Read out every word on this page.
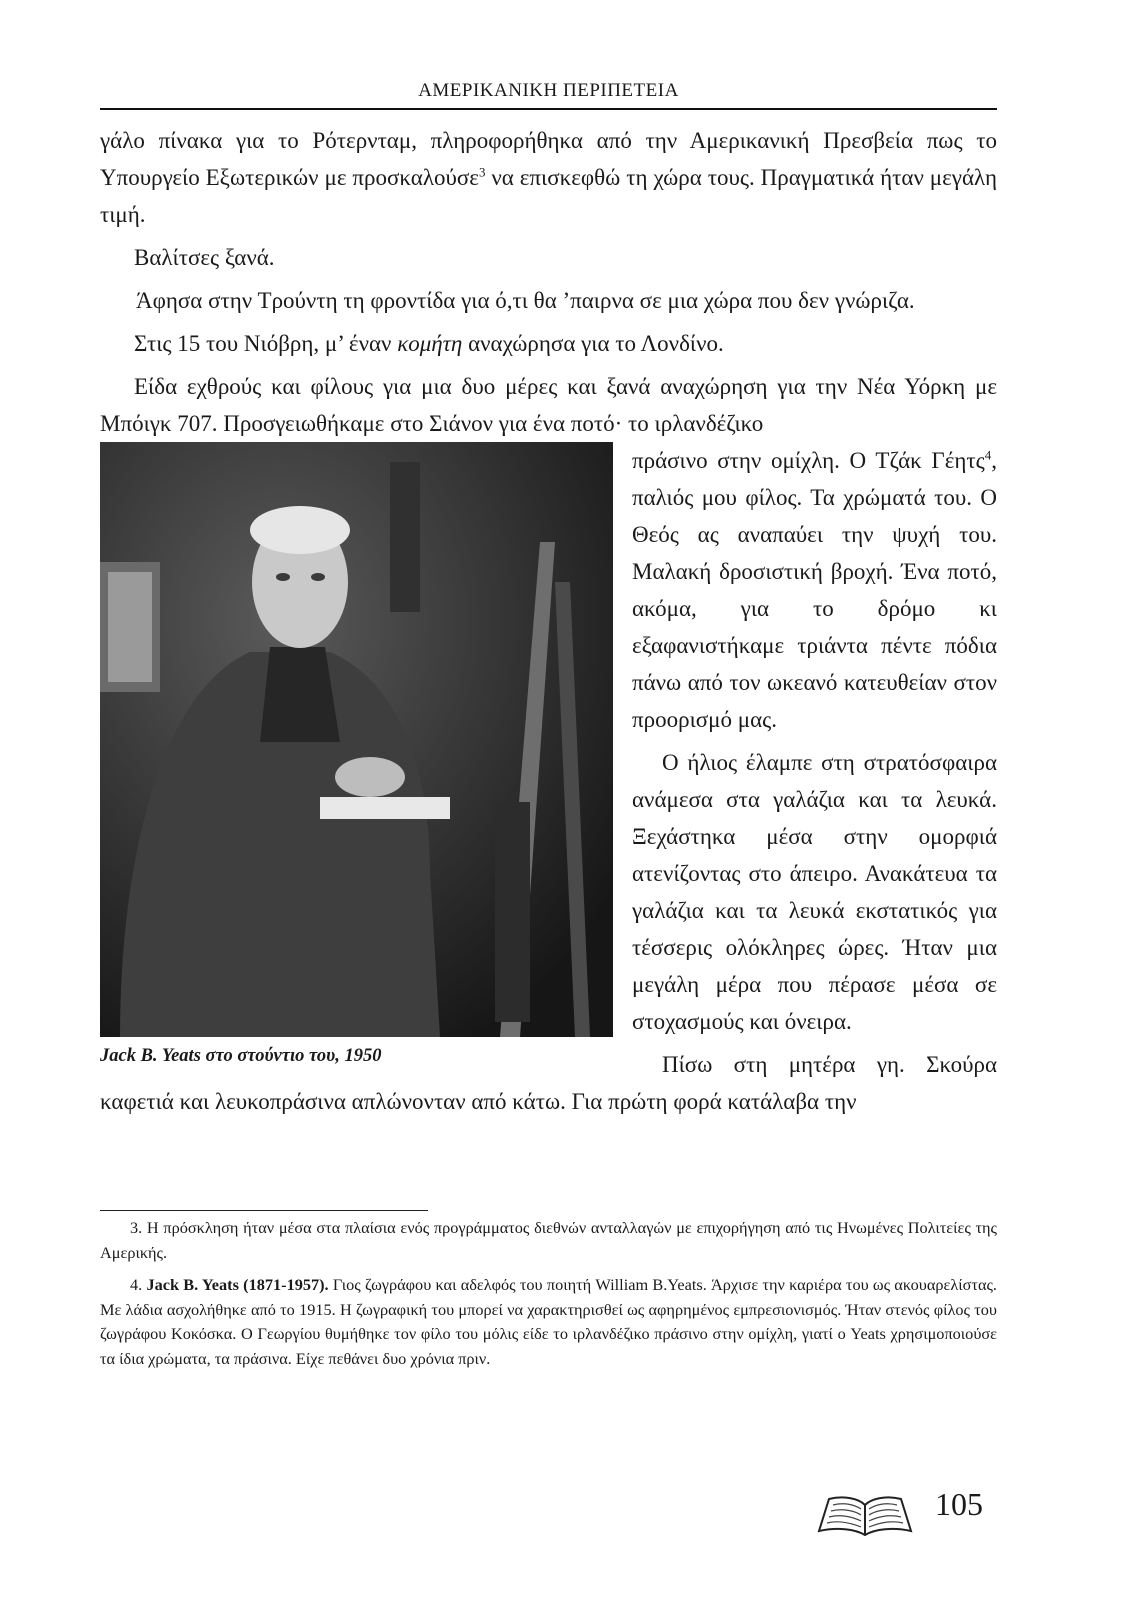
ΑΜΕΡΙΚΑΝΙΚΗ ΠΕΡΙΠΕΤΕΙΑ

γάλο πίνακα για το Ρότερνταμ, πληροφορήθηκα από την Αμερικανική Πρεσβεία πως το Υπουργείο Εξωτερικών με προσκαλούσε$^3$ να επισκεφθώ τη χώρα τους. Πραγματικά ήταν μεγάλη τιμή.

Βαλίτσες ξανά.

Άφησα στην Τρούντη τη φροντίδα για ό,τι θα ’παιρνα σε μια χώρα που δεν γνώριζα.

Στις 15 του Νιόβρη, μ’ έναν κομήτη αναχώρησα για το Λονδίνο.

Είδα εχθρούς και φίλους για μια δυο μέρες και ξανά αναχώρηση για την Νέα Υόρκη με Μπόιγκ 707. Προσγειωθήκαμε στο Σιάνον για ένα ποτό· το ιρλανδέζικο

Jack B. Yeats στο στούντιο του, 1950

πράσινο στην ομίχλη. Ο Τζάκ Γέητς$^4$, παλιός μου φίλος. Τα χρώματά του. Ο Θεός ας αναπαύει την ψυχή του. Μαλακή δροσιστική βροχή. Ένα ποτό, ακόμα, για το δρόμο κι εξαφανιστήκαμε τριάντα πέντε πόδια πάνω από τον ωκεανό κατευθείαν στον προορισμό μας.

Ο ήλιος έλαμπε στη στρατόσφαιρα ανάμεσα στα γαλάζια και τα λευκά. Ξεχάστηκα μέσα στην ομορφιά ατενίζοντας στο άπειρο. Ανακάτευα τα γαλάζια και τα λευκά εκστατικός για τέσσερις ολόκληρες ώρες. Ήταν μια μεγάλη μέρα που πέρασε μέσα σε στοχασμούς και όνειρα.

Πίσω στη μητέρα γη. Σκούρα καφετιά και λευκοπράσινα απλώνονταν από κάτω. Για πρώτη φορά κατάλαβα την

3. Η πρόσκληση ήταν μέσα στα πλαίσια ενός προγράμματος διεθνών ανταλλαγών με επιχορήγηση από τις Ηνωμένες Πολιτείες της Αμερικής.

4. Jack B. Yeats (1871-1957). Γιος ζωγράφου και αδελφός του ποιητή William B.Yeats. Άρχισε την καριέρα του ως ακουαρελίστας. Με λάδια ασχολήθηκε από το 1915. Η ζωγραφική του μπορεί να χαρακτηρισθεί ως αφηρημένος εμπρεσιονισμός. Ήταν στενός φίλος του ζωγράφου Κοκόσκα. Ο Γεωργίου θυμήθηκε τον φίλο του μόλις είδε το ιρλανδέζικο πράσινο στην ομίχλη, γιατί ο Yeats χρησιμοποιούσε τα ίδια χρώματα, τα πράσινα. Είχε πεθάνει δυο χρόνια πριν.

105
